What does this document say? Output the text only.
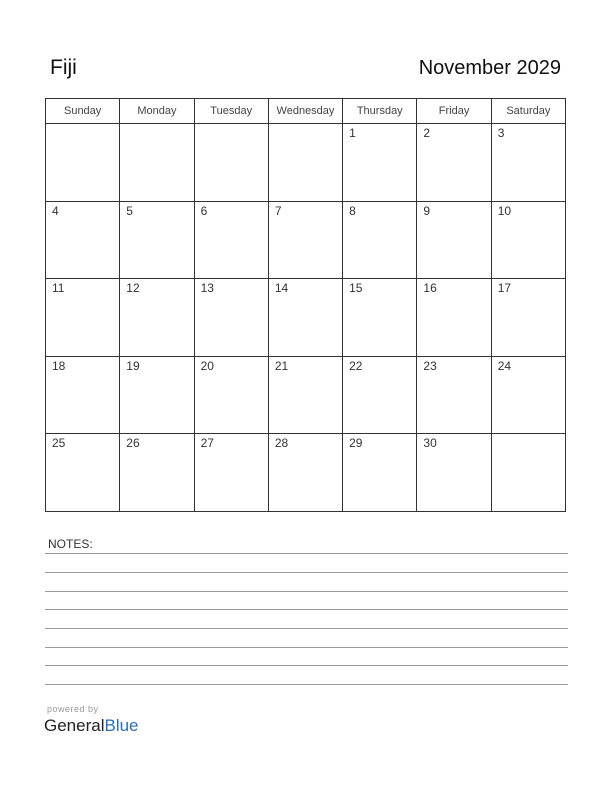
Fiji	November 2029
Sunday	Monday	Tuesday	Wednesday	Thursday	Friday	Saturday

				1	2	3

4	5	6	7	8	9	10

11	12	13	14	15	16	17

18	19	20	21	22	23	24

25	26	27	28	29	30	

NOTES:
powered by
GeneralBlue
